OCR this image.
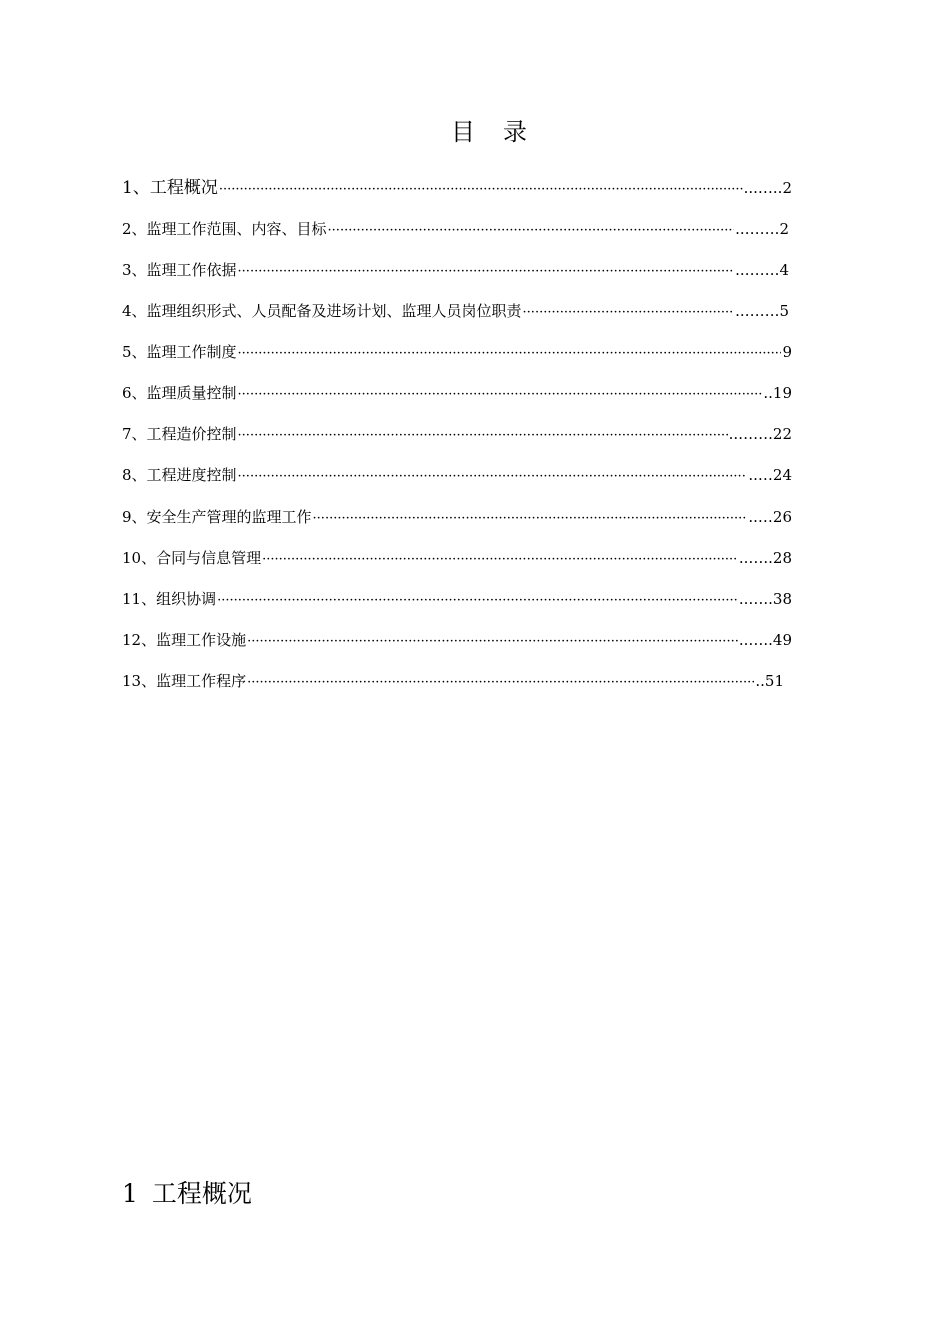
目 录
1、工程概况 ·····	...…..2
2、监理工作范围、内容、目标 ·····	..…….2
3、监理工作依据 ·····	..…….4
4、监理组织形式、人员配备及进场计划、监理人员岗位职责 ·····	..…….5
5、监理工作制度 ·····	9
6、监理质量控制 ·····	..19
7、工程造价控制 ·····	..…….22
8、工程进度控制 ·····	..…24
9、安全生产管理的监理工作 ·····	..…26
10、合同与信息管理 ·····	..…..28
11、组织协调 ·····	..…..38
12、监理工作设施 ·····	..…..49
13、监理工作程序 ·····	..51
1 工程概况
